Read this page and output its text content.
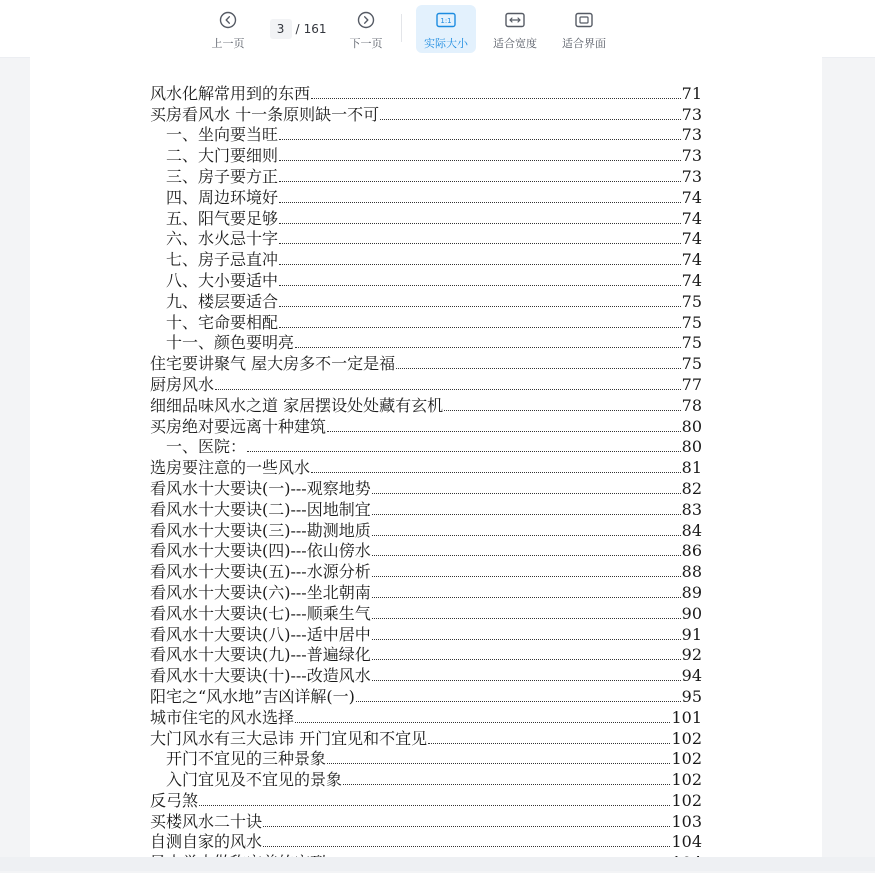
上一页
3
/ 161
下一页
1:1
实际大小 适合宽度 适合界面
风水化解常用到的东西	71
买房看风水 十一条原则缺一不可	73
一、坐向要当旺	73
二、大门要细则	73
三、房子要方正	73
四、周边环境好	74
五、阳气要足够	74
六、水火忌十字	74
七、房子忌直冲	74
八、大小要适中	74
九、楼层要适合	75
十、宅命要相配	75
十一、颜色要明亮	75
住宅要讲聚气 屋大房多不一定是福	75
厨房风水	77
细细品味风水之道 家居摆设处处藏有玄机	78
买房绝对要远离十种建筑	80
一、医院：	80
选房要注意的一些风水	81
看风水十大要诀(一)---观察地势	82
看风水十大要诀(二)---因地制宜	83
看风水十大要诀(三)---勘测地质	84
看风水十大要诀(四)---依山傍水	86
看风水十大要诀(五)---水源分析	88
看风水十大要诀(六)---坐北朝南	89
看风水十大要诀(七)---顺乘生气	90
看风水十大要诀(八)---适中居中	91
看风水十大要诀(九)---普遍绿化	92
看风水十大要诀(十)---改造风水	94
阳宅之“风水地”吉凶详解(一)	95
城市住宅的风水选择	101
大门风水有三大忌讳 开门宜见和不宜见	102
开门不宜见的三种景象	102
入门宜见及不宜见的景象	102
反弓煞	102
买楼风水二十诀	103
自测自家的风水	104
